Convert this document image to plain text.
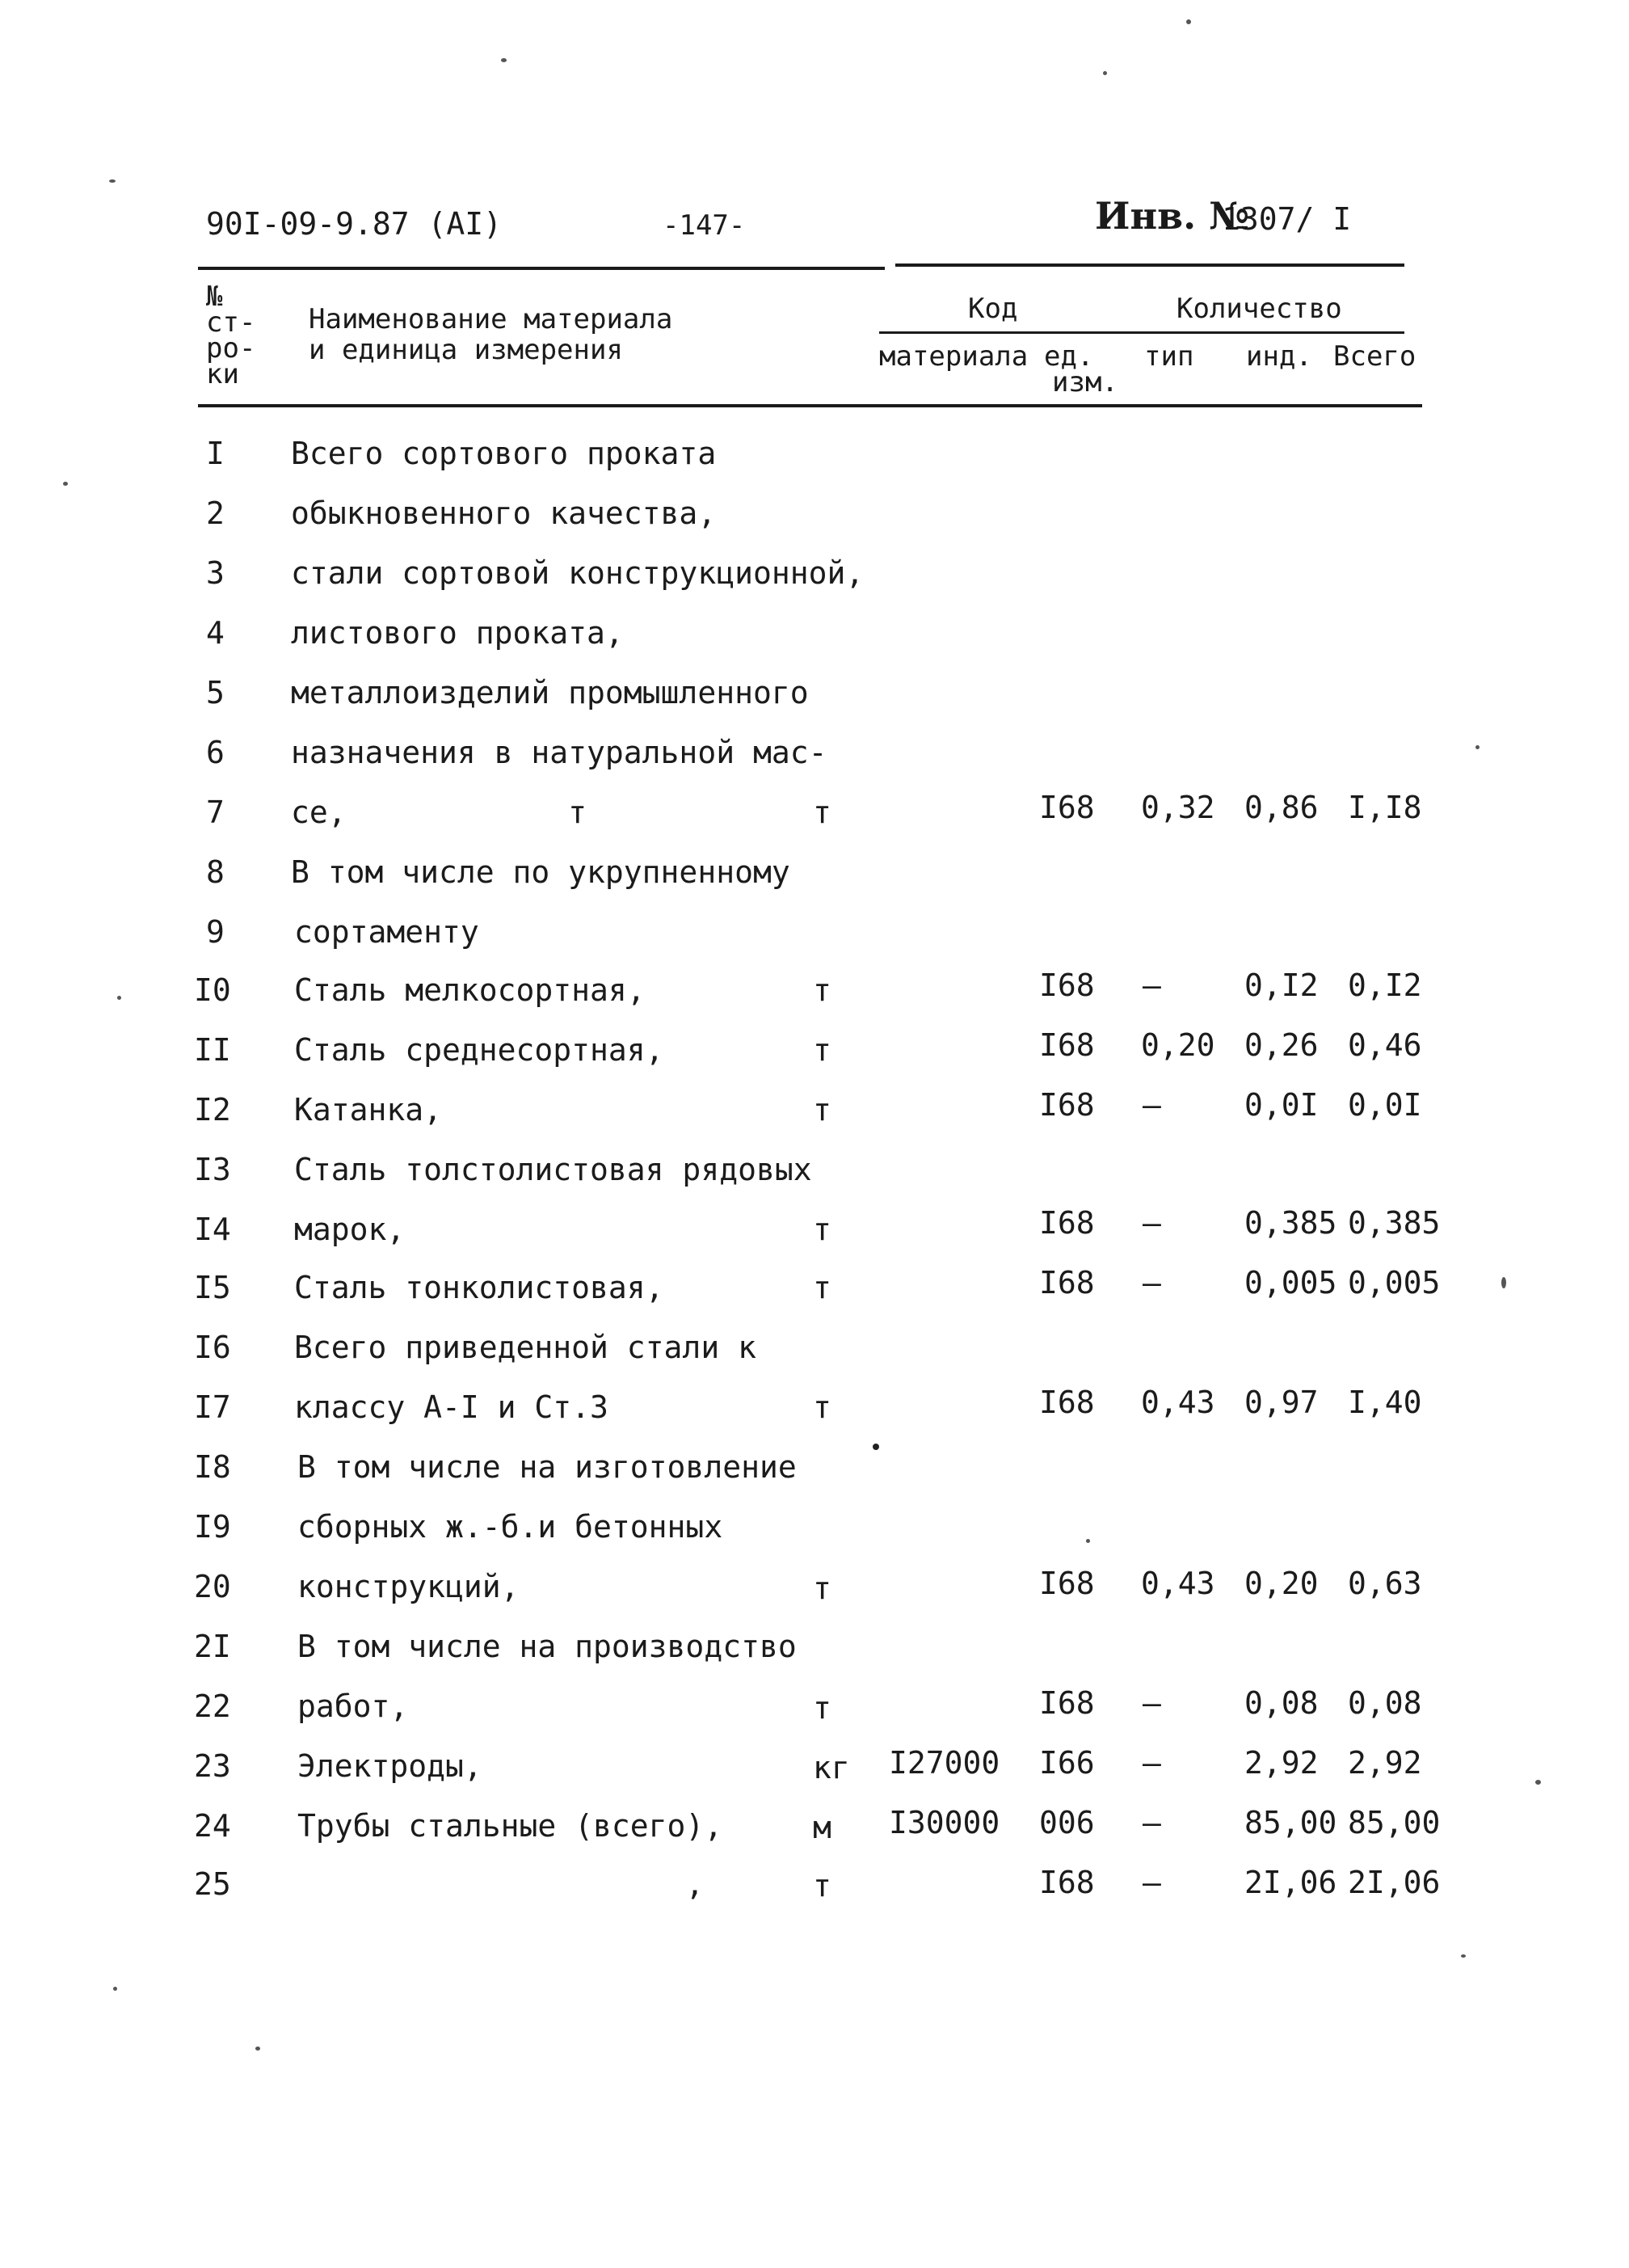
90I-09-9.87 (АI)	-147-	Инв. №
1307/ I
№
ст-
ро-
ки
Наименование материала
и единица измерения
Код	Количество
материала ед.
изм.
тип инд. Всего
I Всего сортового проката
2 обыкновенного качества,
3 стали сортовой конструкционной,
4 листового проката,
5 металлоизделий промышленного
6 назначения в натуральной мас-
7 се,            т	т	I68 0,32 0,86 I,I8
8 В том числе по укрупненному
9 сортаменту
I0 Сталь мелкосортная,	т	I68 –	0,I2 0,I2
II Сталь среднесортная,	т	I68 0,20 0,26 0,46
I2 Катанка,	т	I68 –	0,0I 0,0I
I3 Сталь толстолистовая рядовых
I4 марок,	т	I68 –	0,385 0,385
I5 Сталь тонколистовая,	т	I68 –	0,005 0,005
I6 Всего приведенной стали к
I7 классу А-I и Ст.3	т	I68 0,43 0,97 I,40
I8 В том числе на изготовление
I9 сборных ж.-б.и бетонных
20 конструкций,	т	I68 0,43 0,20 0,63
2I В том числе на производство
22 работ,	т	I68 –	0,08 0,08
23 Электроды,	кг I27000 I66 –	2,92 2,92
24 Трубы стальные (всего),	м I30000 006 –	85,00 85,00
25 ,	т	I68 –	2I,06 2I,06
